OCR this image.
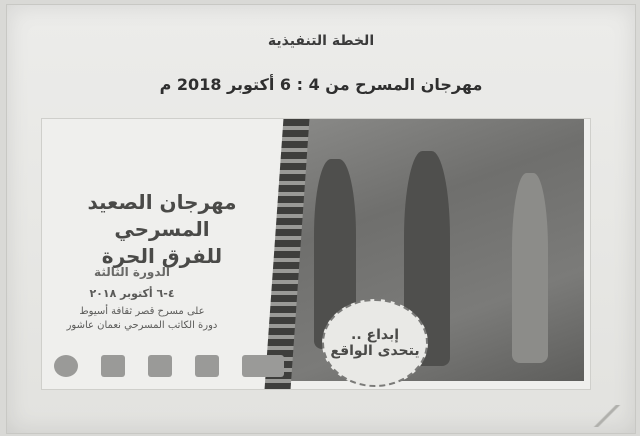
الخطة التنفيذية
مهرجان المسرح من 4 : 6 أكتوبر 2018 م
مهرجان الصعيد المسرحي
للفرق الحرة
الدورة الثالثة
٤-٦ أكتوبر ٢٠١٨
على مسرح قصر ثقافة أسيوط
دورة الكاتب المسرحي نعمان عاشور
إبداع ..
يتحدى الواقع
